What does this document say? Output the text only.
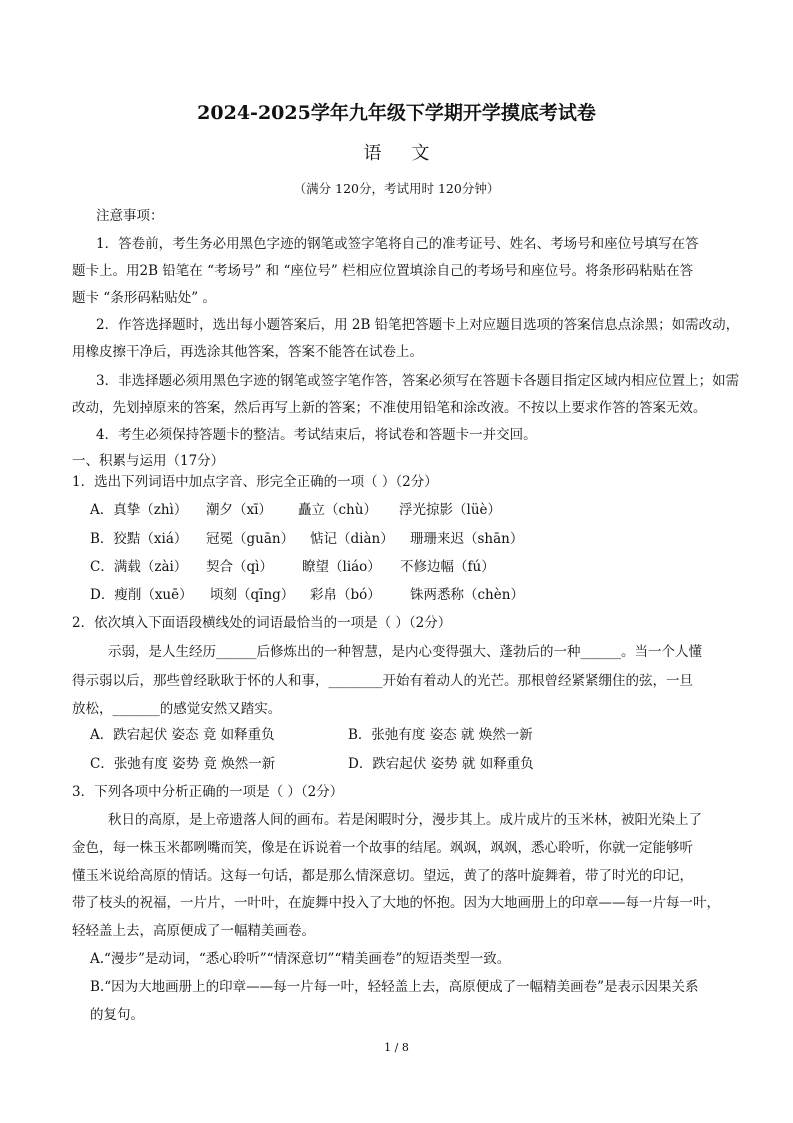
2024-2025学年九年级下学期开学摸底考试卷
语文
（满分 120分，考试用时 120分钟）
注意事项：
1．答卷前，考生务必用黑色字迹的钢笔或签字笔将自己的准考证号、姓名、考场号和座位号填写在答
题卡上。用2B 铅笔在 “考场号” 和 “座位号” 栏相应位置填涂自己的考场号和座位号。将条形码粘贴在答
题卡 “条形码粘贴处” 。
2．作答选择题时，选出每小题答案后，用 2B 铅笔把答题卡上对应题目选项的答案信息点涂黑；如需改动，
用橡皮擦干净后，再选涂其他答案，答案不能答在试卷上。
3．非选择题必须用黑色字迹的钢笔或签字笔作答，答案必须写在答题卡各题目指定区域内相应位置上；如需
改动，先划掉原来的答案，然后再写上新的答案；不准使用铅笔和涂改液。不按以上要求作答的答案无效。
4．考生必须保持答题卡的整洁。考试结束后，将试卷和答题卡一并交回。
一、积累与运用（17分）
1．选出下列词语中加点字音、形完全正确的一项（ ）（2分）
A．真挚（zhì） 潮夕（xī） 矗立（chù） 浮光掠影（lüè）
B．狡黠（xiá） 冠冕（guān） 惦记（diàn） 珊珊来迟（shān）
C．满载（zài） 契合（qì） 瞭望（liáo） 不修边幅（fú）
D．瘦削（xuē） 顷刻（qīng） 彩帛（bó） 铢两悉称（chèn）
2．依次填入下面语段横线处的词语最恰当的一项是（ ）（2分）
示弱，是人生经历______后修炼出的一种智慧，是内心变得强大、蓬勃后的一种______。当一个人懂
得示弱以后，那些曾经耿耿于怀的人和事，________开始有着动人的光芒。那根曾经紧紧绷住的弦，一旦
放松，_______的感觉安然又踏实。
A．跌宕起伏 姿态 竟 如释重负	B．张弛有度 姿态 就 焕然一新
C．张弛有度 姿势 竟 焕然一新	D．跌宕起伏 姿势 就 如释重负
3．下列各项中分析正确的一项是（ ）（2分）
秋日的高原，是上帝遗落人间的画布。若是闲暇时分，漫步其上。成片成片的玉米林，被阳光染上了
金色，每一株玉米都咧嘴而笑，像是在诉说着一个故事的结尾。飒飒，飒飒，悉心聆听，你就一定能够听
懂玉米说给高原的情话。这每一句话，都是那么情深意切。望远，黄了的落叶旋舞着，带了时光的印记，
带了枝头的祝福，一片片，一叶叶，在旋舞中投入了大地的怀抱。因为大地画册上的印章——每一片每一叶，
轻轻盖上去，高原便成了一幅精美画卷。
A.“漫步”是动词，“悉心聆听”“情深意切”“精美画卷”的短语类型一致。
B.“因为大地画册上的印章——每一片每一叶，轻轻盖上去，高原便成了一幅精美画卷”是表示因果关系
的复句。
1 / 8
